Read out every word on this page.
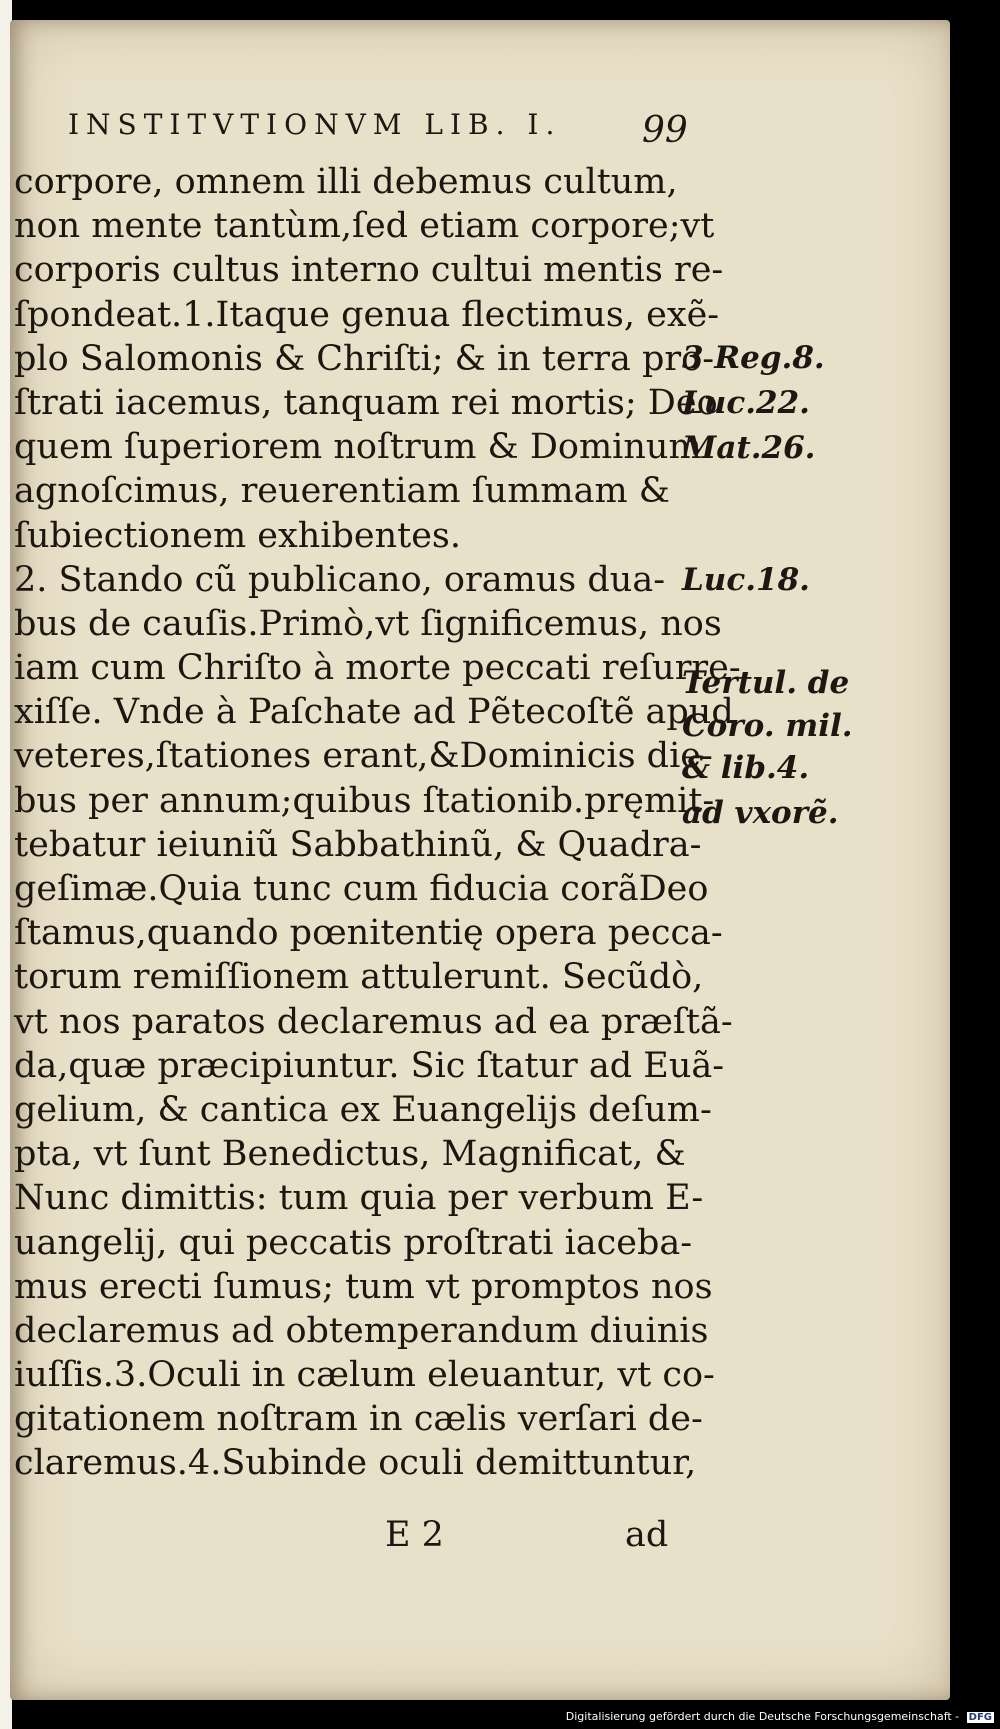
INSTITVTIONVM LIB. I.	99
corpore, omnem illi debemus cultum,
non mente tantùm,ſed etiam corpore;vt
corporis cultus interno cultui mentis re-
ſpondeat.1.Itaque genua flectimus, exẽ-
plo Salomonis & Chriſti; & in terra pro-
ſtrati iacemus, tanquam rei mortis; Deo
quem ſuperiorem noſtrum & Dominum
agnoſcimus, reuerentiam ſummam &
ſubiectionem exhibentes.
2. Stando cũ publicano, oramus dua-
bus de cauſis.Primò,vt ſignificemus, nos
iam cum Chriſto à morte peccati reſurre-
xiſſe. Vnde à Paſchate ad Pẽtecoſtẽ apud
veteres,ſtationes erant,&Dominicis die-
bus per annum;quibus ſtationib.pręmit-
tebatur ieiuniũ Sabbathinũ, & Quadra-
geſimæ.Quia tunc cum fiducia corãDeo
ſtamus,quando pœnitentię opera pecca-
torum remiſſionem attulerunt. Secũdò,
vt nos paratos declaremus ad ea præſtã-
da,quæ præcipiuntur. Sic ſtatur ad Euã-
gelium, & cantica ex Euangelijs deſum-
pta, vt ſunt Benedictus, Magnificat, &
Nunc dimittis: tum quia per verbum E-
uangelij, qui peccatis proſtrati iaceba-
mus erecti ſumus; tum vt promptos nos
declaremus ad obtemperandum diuinis
iuſſis.3.Oculi in cælum eleuantur, vt co-
gitationem noſtram in cælis verſari de-
claremus.4.Subinde oculi demittuntur,
3 Reg.8.
Luc.22.
Mat.26.
Luc.18.
Tertul. de
Coro. mil.
& lib.4.
ad vxorẽ.
E 2	ad
Digitalisierung gefördert durch die Deutsche Forschungsgemeinschaft - DFG
